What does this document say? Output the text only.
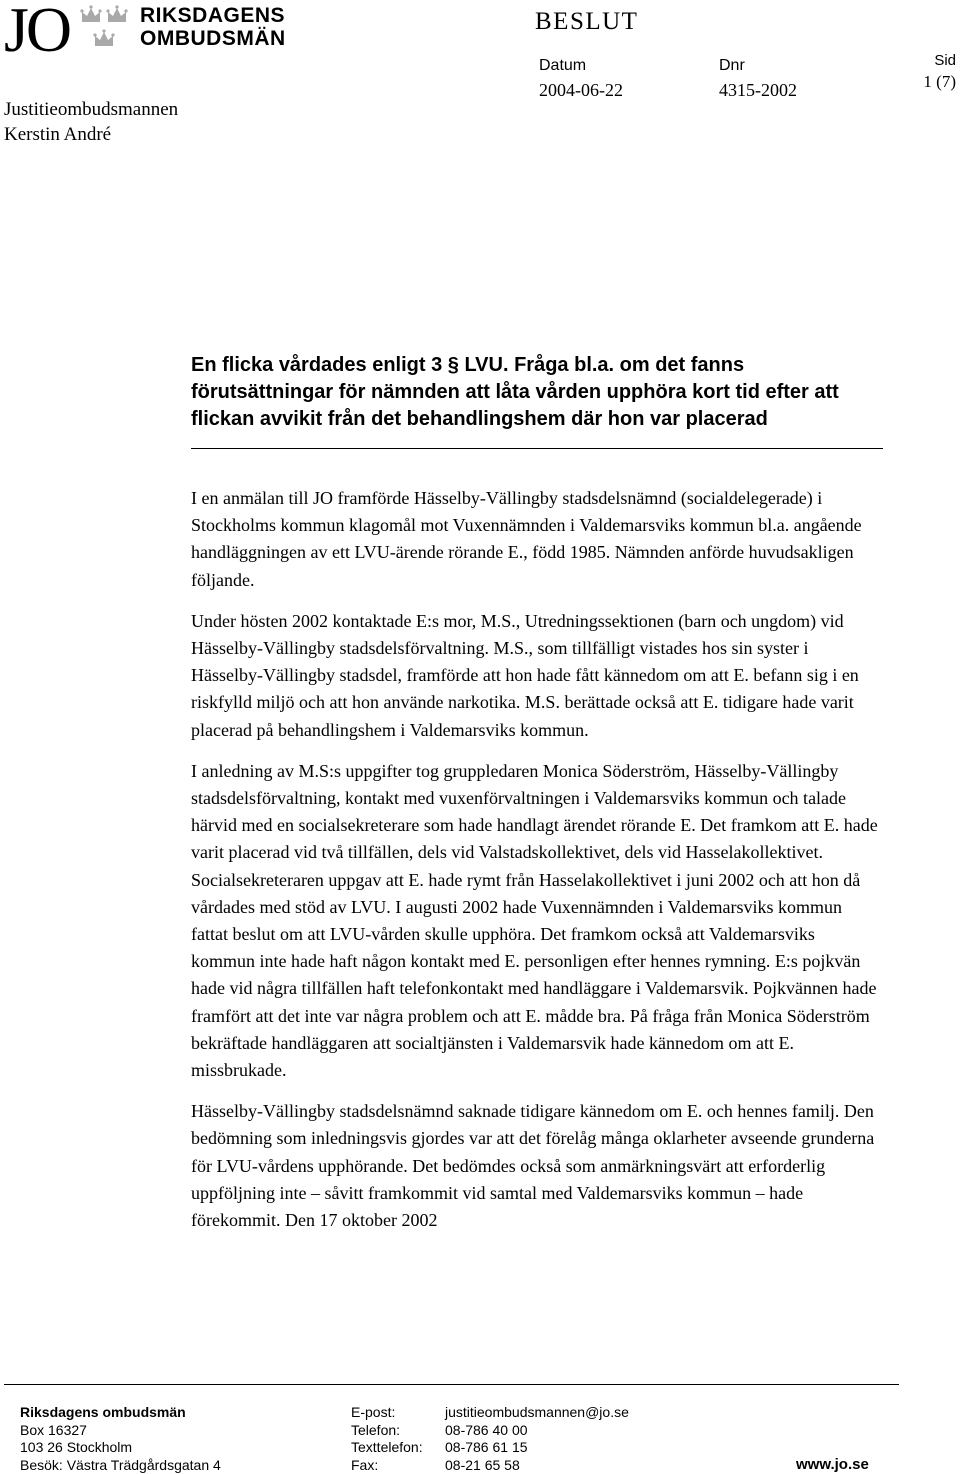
JO	RIKSDAGENS
OMBUDSMÄN
Justitieombudsmannen
Kerstin André
BESLUT
Datum
2004-06-22
Dnr
4315-2002
Sid
1 (7)
En flicka vårdades enligt 3 § LVU. Fråga bl.a. om det fanns förutsättningar för nämnden att låta vården upphöra kort tid efter att flickan avvikit från det behandlingshem där hon var placerad

I en anmälan till JO framförde Hässelby-Vällingby stadsdelsnämnd (socialdelegerade) i Stockholms kommun klagomål mot Vuxennämnden i Valdemarsviks kommun bl.a. angående handläggningen av ett LVU-ärende rörande E., född 1985. Nämnden anförde huvudsakligen följande.

Under hösten 2002 kontaktade E:s mor, M.S., Utredningssektionen (barn och ungdom) vid Hässelby-Vällingby stadsdelsförvaltning. M.S., som tillfälligt vistades hos sin syster i Hässelby-Vällingby stadsdel, framförde att hon hade fått kännedom om att E. befann sig i en riskfylld miljö och att hon använde narkotika. M.S. berättade också att E. tidigare hade varit placerad på behandlingshem i Valdemarsviks kommun.

I anledning av M.S:s uppgifter tog gruppledaren Monica Söderström, Hässelby-Vällingby stadsdelsförvaltning, kontakt med vuxenförvaltningen i Valdemarsviks kommun och talade härvid med en socialsekreterare som hade handlagt ärendet rörande E. Det framkom att E. hade varit placerad vid två tillfällen, dels vid Valstadskollektivet, dels vid Hasselakollektivet. Socialsekreteraren uppgav att E. hade rymt från Hasselakollektivet i juni 2002 och att hon då vårdades med stöd av LVU. I augusti 2002 hade Vuxennämnden i Valdemarsviks kommun fattat beslut om att LVU-vården skulle upphöra. Det framkom också att Valdemarsviks kommun inte hade haft någon kontakt med E. personligen efter hennes rymning. E:s pojkvän hade vid några tillfällen haft telefonkontakt med handläggare i Valdemarsvik. Pojkvännen hade framfört att det inte var några problem och att E. mådde bra. På fråga från Monica Söderström bekräftade handläggaren att socialtjänsten i Valdemarsvik hade kännedom om att E. missbrukade.

Hässelby-Vällingby stadsdelsnämnd saknade tidigare kännedom om E. och hennes familj. Den bedömning som inledningsvis gjordes var att det förelåg många oklarheter avseende grunderna för LVU-vårdens upphörande. Det bedömdes också som anmärkningsvärt att erforderlig uppföljning inte – såvitt framkommit vid samtal med Valdemarsviks kommun – hade förekommit. Den 17 oktober 2002

Riksdagens ombudsmän
Box 16327
103 26 Stockholm
Besök: Västra Trädgårdsgatan 4
E-post:
Telefon:
Texttelefon:
Fax:
justitieombudsmannen@jo.se
08-786 40 00
08-786 61 15
08-21 65 58	www.jo.se
